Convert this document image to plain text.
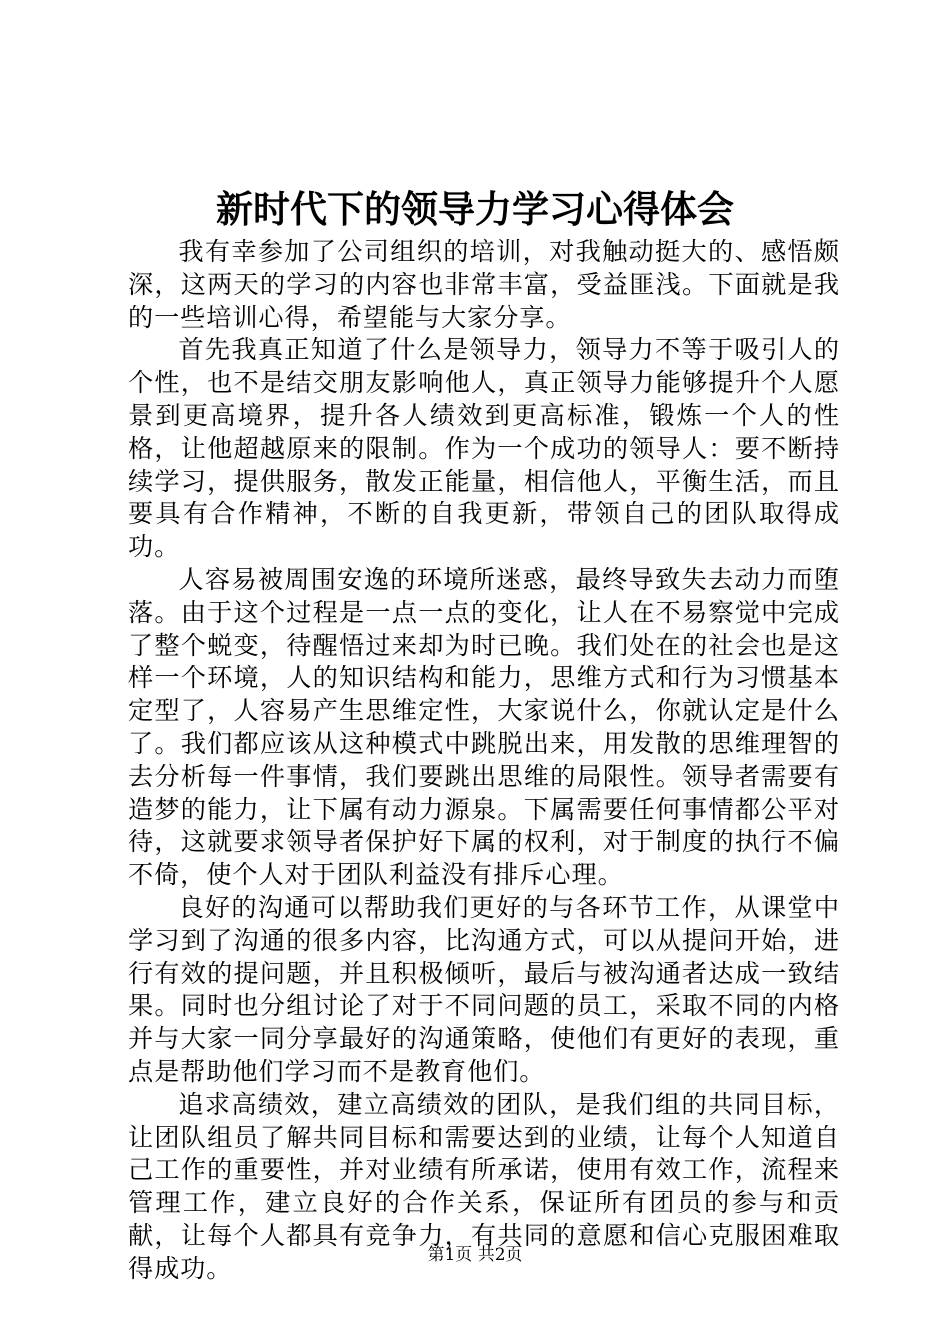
新时代下的领导力学习心得体会

我有幸参加了公司组织的培训，对我触动挺大的、感悟颇深，这两天的学习的内容也非常丰富，受益匪浅。下面就是我的一些培训心得，希望能与大家分享。

首先我真正知道了什么是领导力，领导力不等于吸引人的个性，也不是结交朋友影响他人，真正领导力能够提升个人愿景到更高境界，提升各人绩效到更高标准，锻炼一个人的性格，让他超越原来的限制。作为一个成功的领导人：要不断持续学习，提供服务，散发正能量，相信他人，平衡生活，而且要具有合作精神，不断的自我更新，带领自己的团队取得成功。

人容易被周围安逸的环境所迷惑，最终导致失去动力而堕落。由于这个过程是一点一点的变化，让人在不易察觉中完成了整个蜕变，待醒悟过来却为时已晚。我们处在的社会也是这样一个环境，人的知识结构和能力，思维方式和行为习惯基本定型了，人容易产生思维定性，大家说什么，你就认定是什么了。我们都应该从这种模式中跳脱出来，用发散的思维理智的去分析每一件事情，我们要跳出思维的局限性。领导者需要有造梦的能力，让下属有动力源泉。下属需要任何事情都公平对待，这就要求领导者保护好下属的权利，对于制度的执行不偏不倚，使个人对于团队利益没有排斥心理。

良好的沟通可以帮助我们更好的与各环节工作，从课堂中学习到了沟通的很多内容，比沟通方式，可以从提问开始，进行有效的提问题，并且积极倾听，最后与被沟通者达成一致结果。同时也分组讨论了对于不同问题的员工，采取不同的内格并与大家一同分享最好的沟通策略，使他们有更好的表现，重点是帮助他们学习而不是教育他们。

追求高绩效，建立高绩效的团队，是我们组的共同目标，让团队组员了解共同目标和需要达到的业绩，让每个人知道自己工作的重要性，并对业绩有所承诺，使用有效工作，流程来管理工作，建立良好的合作关系，保证所有团员的参与和贡献，让每个人都具有竞争力，有共同的意愿和信心克服困难取得成功。	第1页 共2页
